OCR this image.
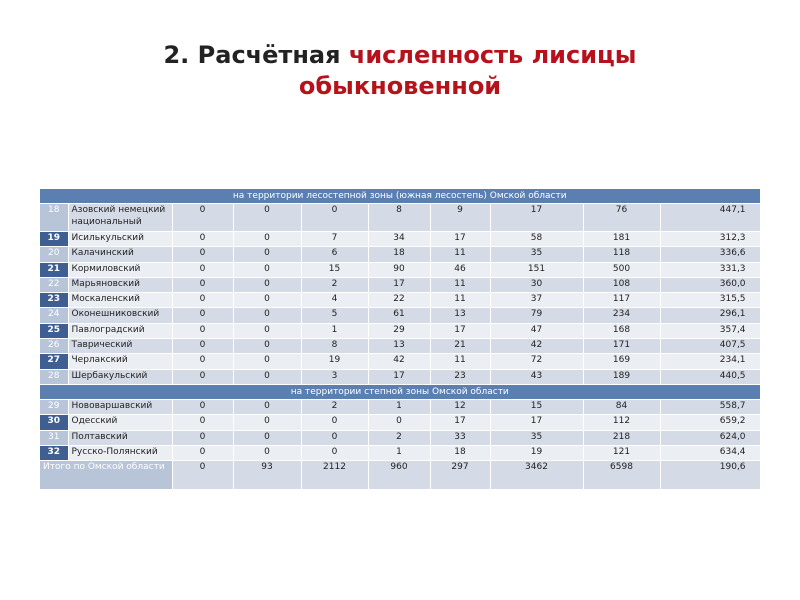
2. Расчётная численность лисицы
обыкновенной
на территории лесостепной зоны (южная лесостепь) Омской области									
18	Азовский немецкий национальный	0	0	0	8	9	17	76	447,1
19	Исилькульский	0	0	7	34	17	58	181	312,3
20	Калачинский	0	0	6	18	11	35	118	336,6
21	Кормиловский	0	0	15	90	46	151	500	331,3
22	Марьяновский	0	0	2	17	11	30	108	360,0
23	Москаленский	0	0	4	22	11	37	117	315,5
24	Оконешниковский	0	0	5	61	13	79	234	296,1
25	Павлоградский	0	0	1	29	17	47	168	357,4
26	Таврический	0	0	8	13	21	42	171	407,5
27	Черлакский	0	0	19	42	11	72	169	234,1
28	Шербакульский	0	0	3	17	23	43	189	440,5
на территории степной зоны Омской области									
29	Нововаршавский	0	0	2	1	12	15	84	558,7
30	Одесский	0	0	0	0	17	17	112	659,2
31	Полтавский	0	0	0	2	33	35	218	624,0
32	Русско-Полянский	0	0	0	1	18	19	121	634,4
Итого по Омской области		0	93	2112	960	297	3462	6598	190,6
